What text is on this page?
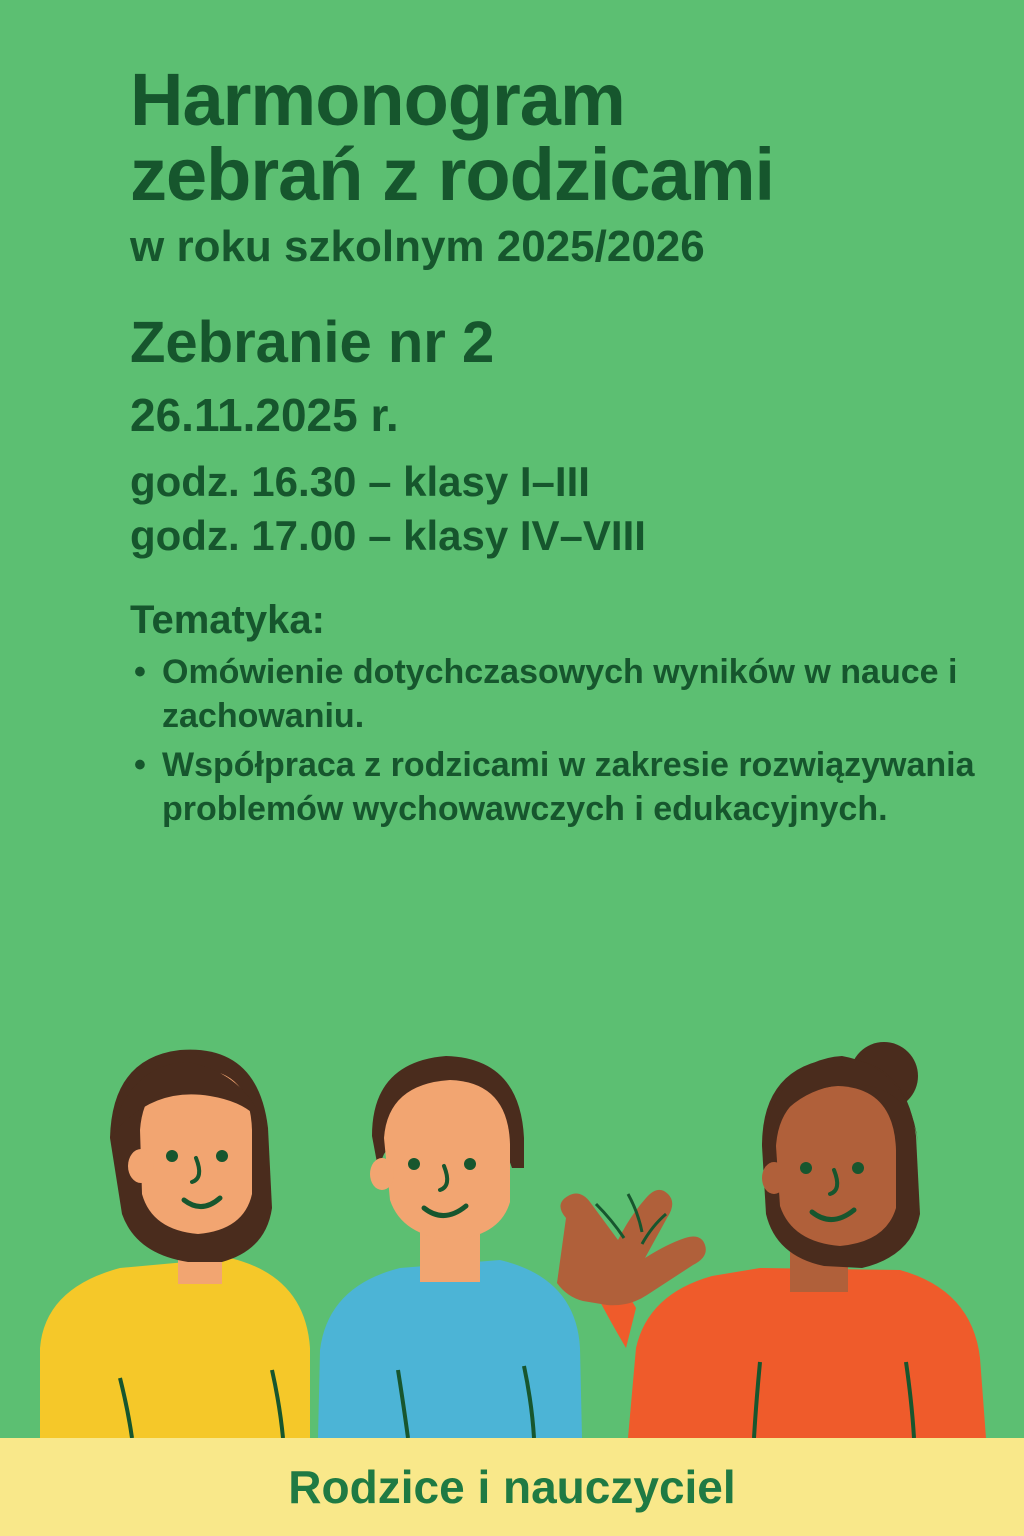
Harmonogram
zebrań z rodzicami

w roku szkolnym 2025/2026

Zebranie nr 2

26.11.2025 r.

godz. 16.30 – klasy I–III
godz. 17.00 – klasy IV–VIII

Tematyka:

• Omówienie dotychczasowych wyników w nauce i zachowaniu.
• Współpraca z rodzicami w zakresie rozwiązywania problemów wychowawczych i edukacyjnych.
Rodzice i nauczyciel
